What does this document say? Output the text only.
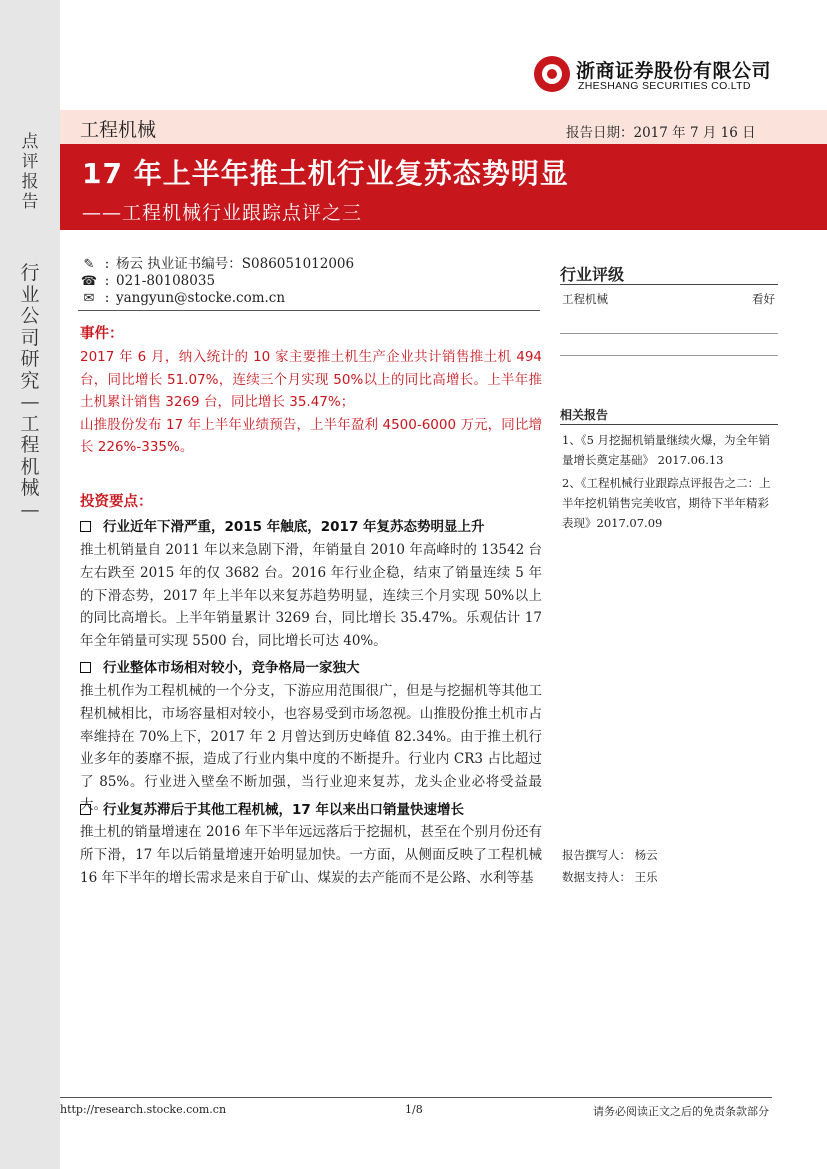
点
评
报
告
行
业
公
司
研
究
—
工
程
机
械
—
浙商证券股份有限公司
ZHESHANG SECURITIES CO.LTD
工程机械	报告日期：2017 年 7 月 16 日
17 年上半年推土机行业复苏态势明显
——工程机械行业跟踪点评之三
✎ : 杨云 执业证书编号：S086051012006
☎ : 021-80108035
✉ : yangyun@stocke.com.cn
事件：

2017 年 6 月，纳入统计的 10 家主要推土机生产企业共计销售推土机 494 台，同比增长 51.07%，连续三个月实现 50%以上的同比高增长。上半年推土机累计销售 3269 台，同比增长 35.47%；

山推股份发布 17 年上半年业绩预告，上半年盈利 4500-6000 万元，同比增长 226%-335%。

投资要点：
行业近年下滑严重，2015 年触底，2017 年复苏态势明显上升
推土机销量自 2011 年以来急剧下滑，年销量自 2010 年高峰时的 13542 台左右跌至 2015 年的仅 3682 台。2016 年行业企稳，结束了销量连续 5 年的下滑态势，2017 年上半年以来复苏趋势明显，连续三个月实现 50%以上的同比高增长。上半年销量累计 3269 台，同比增长 35.47%。乐观估计 17 年全年销量可实现 5500 台，同比增长可达 40%。
行业整体市场相对较小，竞争格局一家独大
推土机作为工程机械的一个分支，下游应用范围很广，但是与挖掘机等其他工程机械相比，市场容量相对较小，也容易受到市场忽视。山推股份推土机市占率维持在 70%上下，2017 年 2 月曾达到历史峰值 82.34%。由于推土机行业多年的萎靡不振，造成了行业内集中度的不断提升。行业内 CR3 占比超过了 85%。行业进入壁垒不断加强，当行业迎来复苏，龙头企业必将受益最大。
行业复苏滞后于其他工程机械，17 年以来出口销量快速增长
推土机的销量增速在 2016 年下半年远远落后于挖掘机，甚至在个别月份还有所下滑，17 年以后销量增速开始明显加快。一方面，从侧面反映了工程机械 16 年下半年的增长需求是来自于矿山、煤炭的去产能而不是公路、水利等基
行业评级
工程机械	看好
相关报告
1、《5 月挖掘机销量继续火爆，为全年销量增长奠定基础》 2017.06.13
2、《工程机械行业跟踪点评报告之二：上半年挖机销售完美收官，期待下半年精彩表现》2017.07.09
报告撰写人： 杨云
数据支持人： 王乐
http://research.stocke.com.cn	1/8	请务必阅读正文之后的免责条款部分
